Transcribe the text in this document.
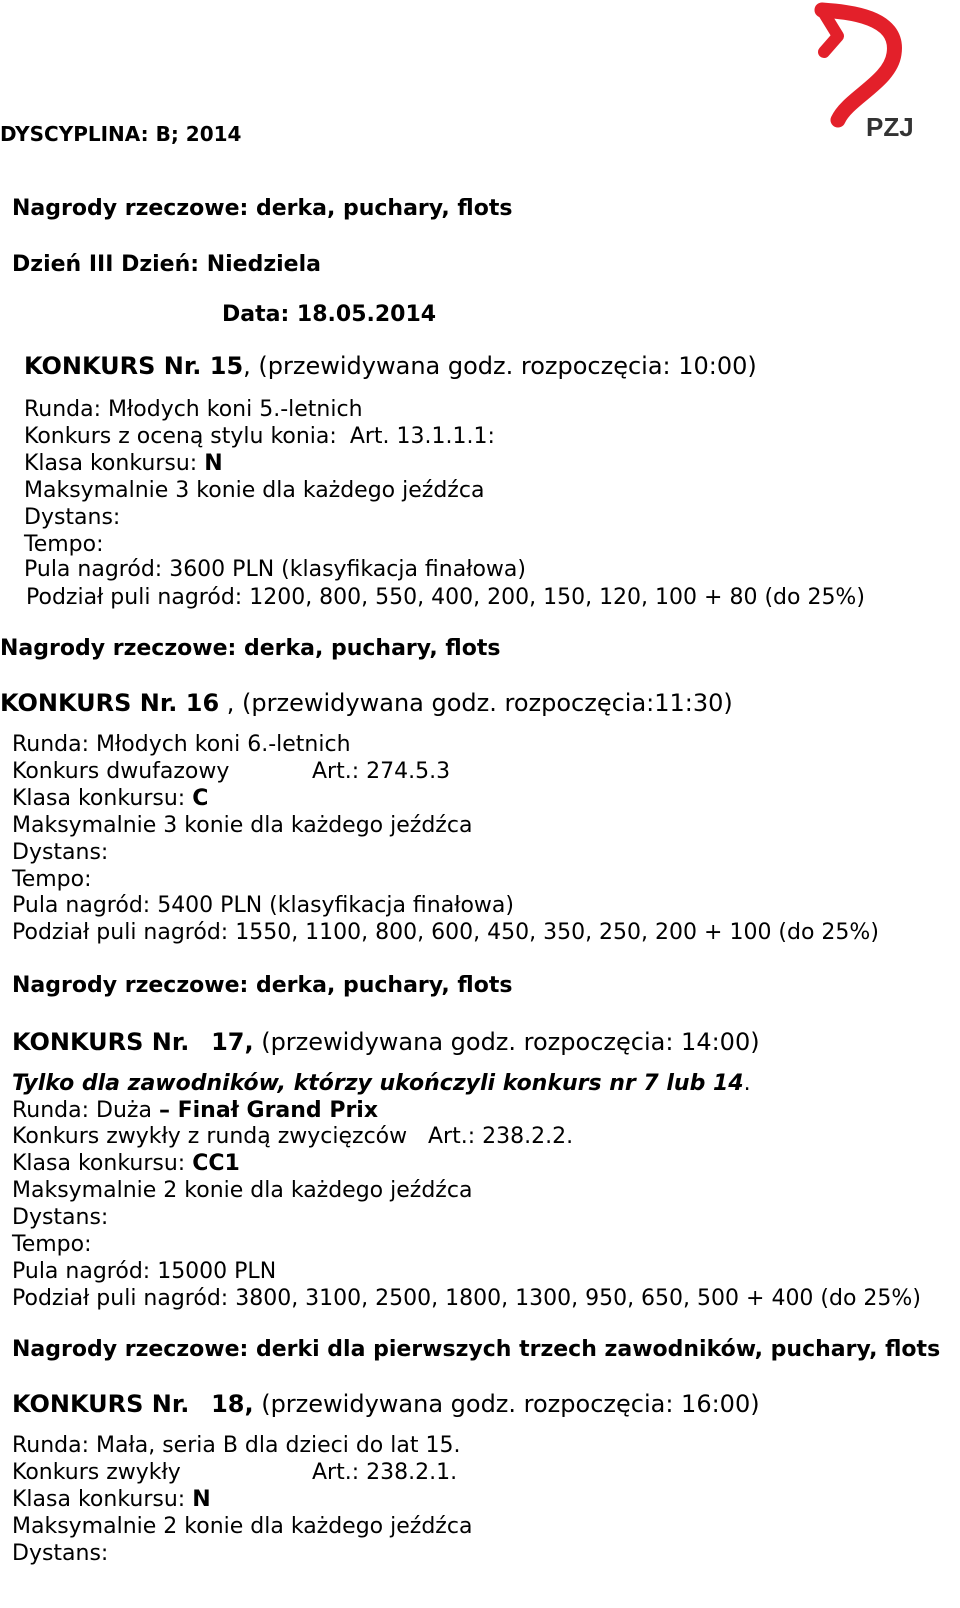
PZJ
DYSCYPLINA: B; 2014
Nagrody rzeczowe: derka, puchary, flots
Dzień III Dzień: Niedziela
Data: 18.05.2014
KONKURS Nr. 15, (przewidywana godz. rozpoczęcia: 10:00)
Runda: Młodych koni 5.-letnich
Konkurs z oceną stylu konia: Art. 13.1.1.1:
Klasa konkursu: N
Maksymalnie 3 konie dla każdego jeźdźca
Dystans:
Tempo:
Pula nagród: 3600 PLN (klasyfikacja finałowa)
Podział puli nagród: 1200, 800, 550, 400, 200, 150, 120, 100 + 80 (do 25%)
Nagrody rzeczowe: derka, puchary, flots
KONKURS Nr. 16 , (przewidywana godz. rozpoczęcia:11:30)
Runda: Młodych koni 6.-letnich
Konkurs dwufazowy	Art.: 274.5.3
Klasa konkursu: C
Maksymalnie 3 konie dla każdego jeźdźca
Dystans:
Tempo:
Pula nagród: 5400 PLN (klasyfikacja finałowa)
Podział puli nagród: 1550, 1100, 800, 600, 450, 350, 250, 200 + 100 (do 25%)
Nagrody rzeczowe: derka, puchary, flots
KONKURS Nr. 17, (przewidywana godz. rozpoczęcia: 14:00)
Tylko dla zawodników, którzy ukończyli konkurs nr 7 lub 14.
Runda: Duża – Finał Grand Prix
Konkurs zwykły z rundą zwycięzców Art.: 238.2.2.
Klasa konkursu: CC1
Maksymalnie 2 konie dla każdego jeźdźca
Dystans:
Tempo:
Pula nagród: 15000 PLN
Podział puli nagród: 3800, 3100, 2500, 1800, 1300, 950, 650, 500 + 400 (do 25%)
Nagrody rzeczowe: derki dla pierwszych trzech zawodników, puchary, flots
KONKURS Nr. 18, (przewidywana godz. rozpoczęcia: 16:00)
Runda: Mała, seria B dla dzieci do lat 15.
Konkurs zwykły	Art.: 238.2.1.
Klasa konkursu: N
Maksymalnie 2 konie dla każdego jeźdźca
Dystans:
